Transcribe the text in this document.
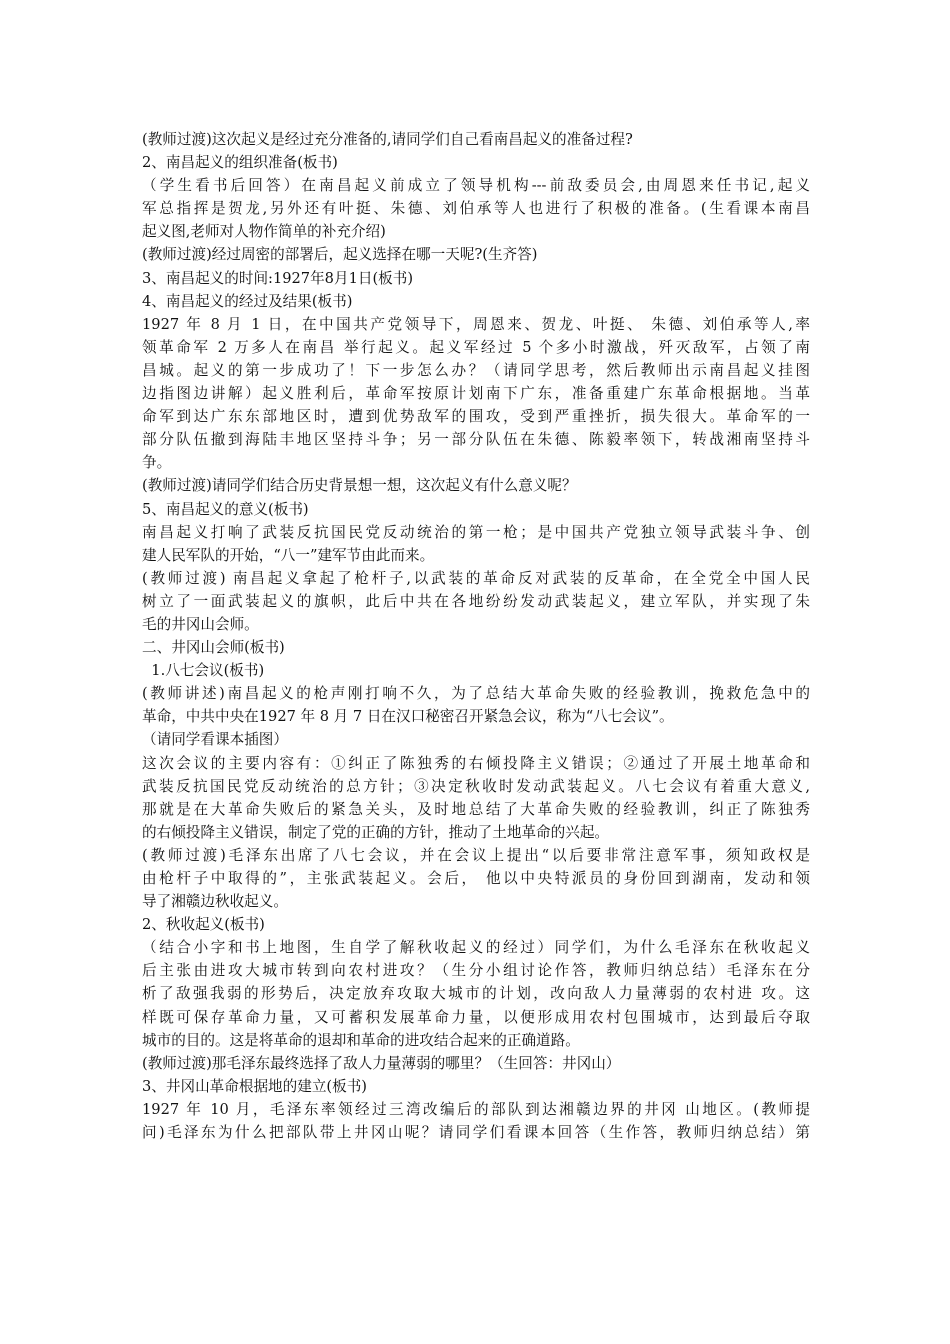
(教师过渡)这次起义是经过充分准备的,请同学们自己看南昌起义的准备过程?
2、南昌起义的组织准备(板书)
（学生看书后回答）在南昌起义前成立了领导机构---前敌委员会,由周恩来任书记,起义
军总指挥是贺龙,另外还有叶挺、朱德、刘伯承等人也进行了积极的准备。(生看课本南昌
起义图,老师对人物作简单的补充介绍)
(教师过渡)经过周密的部署后，起义选择在哪一天呢?(生齐答)
3、南昌起义的时间:1927年8月1日(板书)
4、南昌起义的经过及结果(板书)
1927 年 8 月 1 日，在中国共产党领导下，周恩来、贺龙、叶挺、 朱德、刘伯承等人,率
领革命军 2 万多人在南昌 举行起义。起义军经过 5 个多小时激战，歼灭敌军，占领了南
昌城。起义的第一步成功了！下一步怎么办？（请同学思考，然后教师出示南昌起义挂图
边指图边讲解）起义胜利后，革命军按原计划南下广东，准备重建广东革命根据地。当革
命军到达广东东部地区时，遭到优势敌军的围攻，受到严重挫折，损失很大。革命军的一
部分队伍撤到海陆丰地区坚持斗争；另一部分队伍在朱德、陈毅率领下，转战湘南坚持斗
争。
(教师过渡)请同学们结合历史背景想一想，这次起义有什么意义呢？
5、南昌起义的意义(板书)
南昌起义打响了武装反抗国民党反动统治的第一枪；是中国共产党独立领导武装斗争、创
建人民军队的开始，“八一”建军节由此而来。
(教师过渡) 南昌起义拿起了枪杆子,以武装的革命反对武装的反革命，在全党全中国人民
树立了一面武装起义的旗帜，此后中共在各地纷纷发动武装起义，建立军队，并实现了朱
毛的井冈山会师。
二、井冈山会师(板书)
1.八七会议(板书)
(教师讲述)南昌起义的枪声刚打响不久，为了总结大革命失败的经验教训，挽救危急中的
革命，中共中央在1927 年 8 月 7 日在汉口秘密召开紧急会议，称为“八七会议”。
（请同学看课本插图）
这次会议的主要内容有：①纠正了陈独秀的右倾投降主义错误；②通过了开展土地革命和
武装反抗国民党反动统治的总方针；③决定秋收时发动武装起义。八七会议有着重大意义,
那就是在大革命失败后的紧急关头，及时地总结了大革命失败的经验教训，纠正了陈独秀
的右倾投降主义错误，制定了党的正确的方针，推动了土地革命的兴起。
(教师过渡)毛泽东出席了八七会议，并在会议上提出“以后要非常注意军事，须知政权是
由枪杆子中取得的”，主张武装起义。会后， 他以中央特派员的身份回到湖南，发动和领
导了湘赣边秋收起义。
2、秋收起义(板书)
（结合小字和书上地图，生自学了解秋收起义的经过）同学们，为什么毛泽东在秋收起义
后主张由进攻大城市转到向农村进攻？（生分小组讨论作答，教师归纳总结）毛泽东在分
析了敌强我弱的形势后，决定放弃攻取大城市的计划，改向敌人力量薄弱的农村进 攻。这
样既可保存革命力量，又可蓄积发展革命力量，以便形成用农村包围城市，达到最后夺取
城市的目的。这是将革命的退却和革命的进攻结合起来的正确道路。
(教师过渡)那毛泽东最终选择了敌人力量薄弱的哪里？（生回答：井冈山）
3、井冈山革命根据地的建立(板书)
1927 年 10 月，毛泽东率领经过三湾改编后的部队到达湘赣边界的井冈 山地区。(教师提
问)毛泽东为什么把部队带上井冈山呢？请同学们看课本回答（生作答，教师归纳总结）第
